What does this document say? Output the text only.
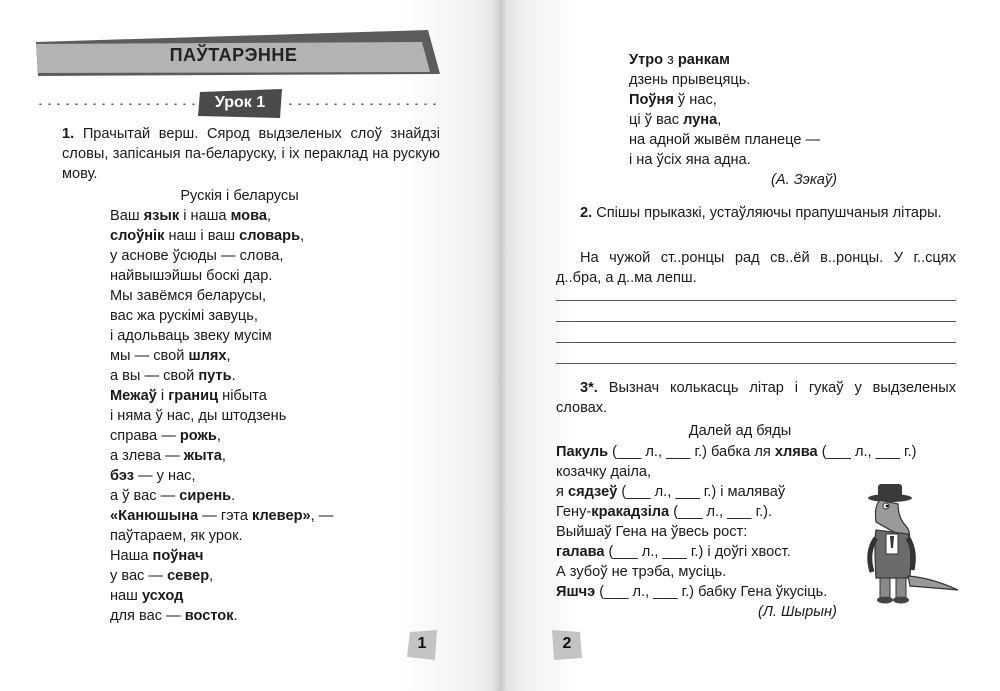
ПАЎТАРЭННЕ
Урок 1
1. Прачытай верш. Сярод выдзеленых слоў знайдзі словы, запісаныя па-беларуску, і іх пераклад на рускую мову.
Рускія і беларусы
Ваш язык і наша мова,
слоўнік наш і ваш словарь,
у аснове ўсюды — слова,
найвышэйшы боскі дар.
Мы завёмся беларусы,
вас жа рускімі завуць,
і адольваць звеку мусім
мы — свой шлях,
а вы — свой путь.
Межаў і границ нібыта
і няма ў нас, ды штодзень
справа — рожь,
а злева — жыта,
бэз — у нас,
а ў вас — сирень.
«Канюшына — гэта клевер», —
паўтараем, як урок.
Наша поўнач
у вас — север,
наш усход
для вас — восток.
Утро з ранкам
дзень прывецяць.
Поўня ў нас,
ці ў вас луна,
на адной жывём планеце —
і на ўсіх яна адна.
(А. Зэкаў)
2. Спішы прыказкі, устаўляючы прапушчаныя літары.
На чужой ст..ронцы рад св..ёй в..ронцы. У г..сцях д..бра, а д..ма лепш.
3*. Вызнач колькасць літар і гукаў у выдзеленых словах.
Далей ад бяды
Пакуль (___ л., ___ г.) бабка ля хлява (___ л., ___ г.)
козачку даіла,
я сядзеў (___ л., ___ г.) і маляваў
Гену-кракадзіла (___ л., ___ г.).
Выйшаў Гена на ўвесь рост:
галава (___ л., ___ г.) і доўгі хвост.
А зубоў не трэба, мусіць.
Яшчэ (___ л., ___ г.) бабку Гена ўкусіць.
(Л. Шырын)
1	2
